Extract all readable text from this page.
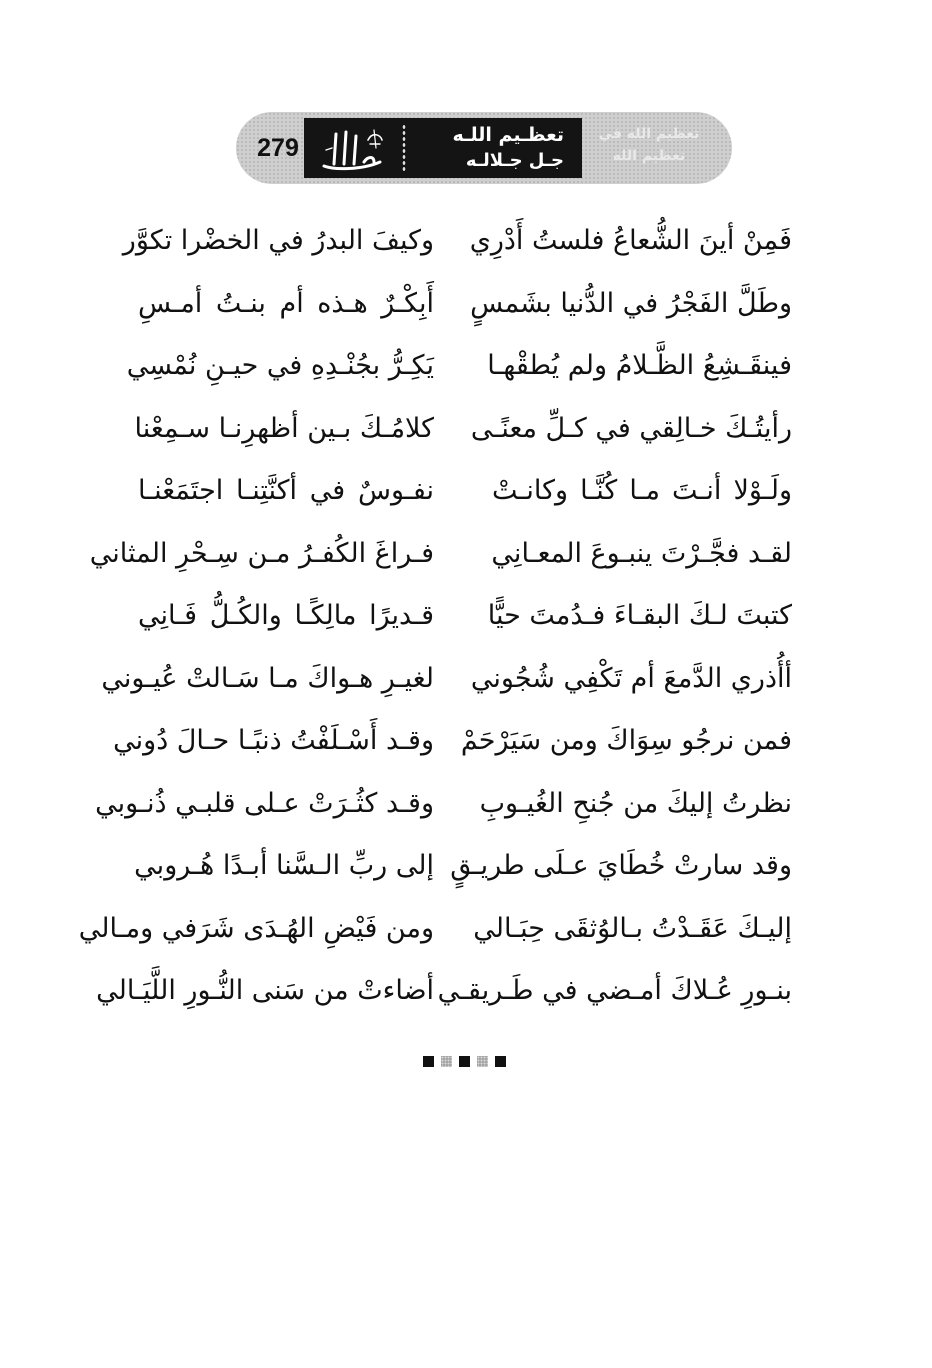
279	تعظـيم اللـه
جـل جـلالـه
تعظيم الله في
تعظيم الله
فَمِنْ أينَ الشُّعاعُ فلستُ أَدْرِي
وكيفَ البدرُ في الخضْرا تكوَّر
وطَلَّ الفَجْرُ في الدُّنيا بشَمسٍ
أَبِكْـرٌ هـذه أم بنـتُ أمـسِ
فينقَـشِعُ الظَّـلامُ ولم يُطقْهـا
يَكِـرُّ بجُنْـدِهِ في حيـنِ نُمْسِي
رأيتُـكَ خـالِقي في كـلِّ معنًـى
كلامُـكَ بـين أظهرِنـا سـمِعْنا
ولَـوْلا أنـتَ مـا كُنَّـا وكانـتْ
نفـوسٌ في أكنَّتِنـا اجتَمَعْنـا
لقـد فجَّـرْتَ ينبـوعَ المعـانِي
فـراغَ الكُفـرُ مـن سِـحْرِ المثاني
كتبتَ لـكَ البقـاءَ فـدُمتَ حيًّا
قـديرًا مالِكًـا والكُـلُّ فَـانِي
أأُذري الدَّمعَ أم تَكْفِي شُجُوني
لغيـرِ هـواكَ مـا سَـالتْ عُيـوني
فمن نرجُو سِوَاكَ ومن سَيَرْحَمْ
وقـد أَسْـلَفْتُ ذنبًـا حـالَ دُوني
نظرتُ إليكَ من جُنحِ الغُيـوبِ
وقـد كثُـرَتْ عـلى قلبـي ذُنـوبي
وقد سارتْ خُطَايَ عـلَى طريـقٍ
إلى ربِّ الـسَّنا أبـدًا هُـروبي
إليـكَ عَقَـدْتُ بـالوُثقَى حِبَـالي
ومن فَيْضِ الهُـدَى شَرَفي ومـالي
بنـورِ عُـلاكَ أمـضي في طَـريقـي
أضاءتْ من سَنى النُّـورِ اللَّيَـالي
